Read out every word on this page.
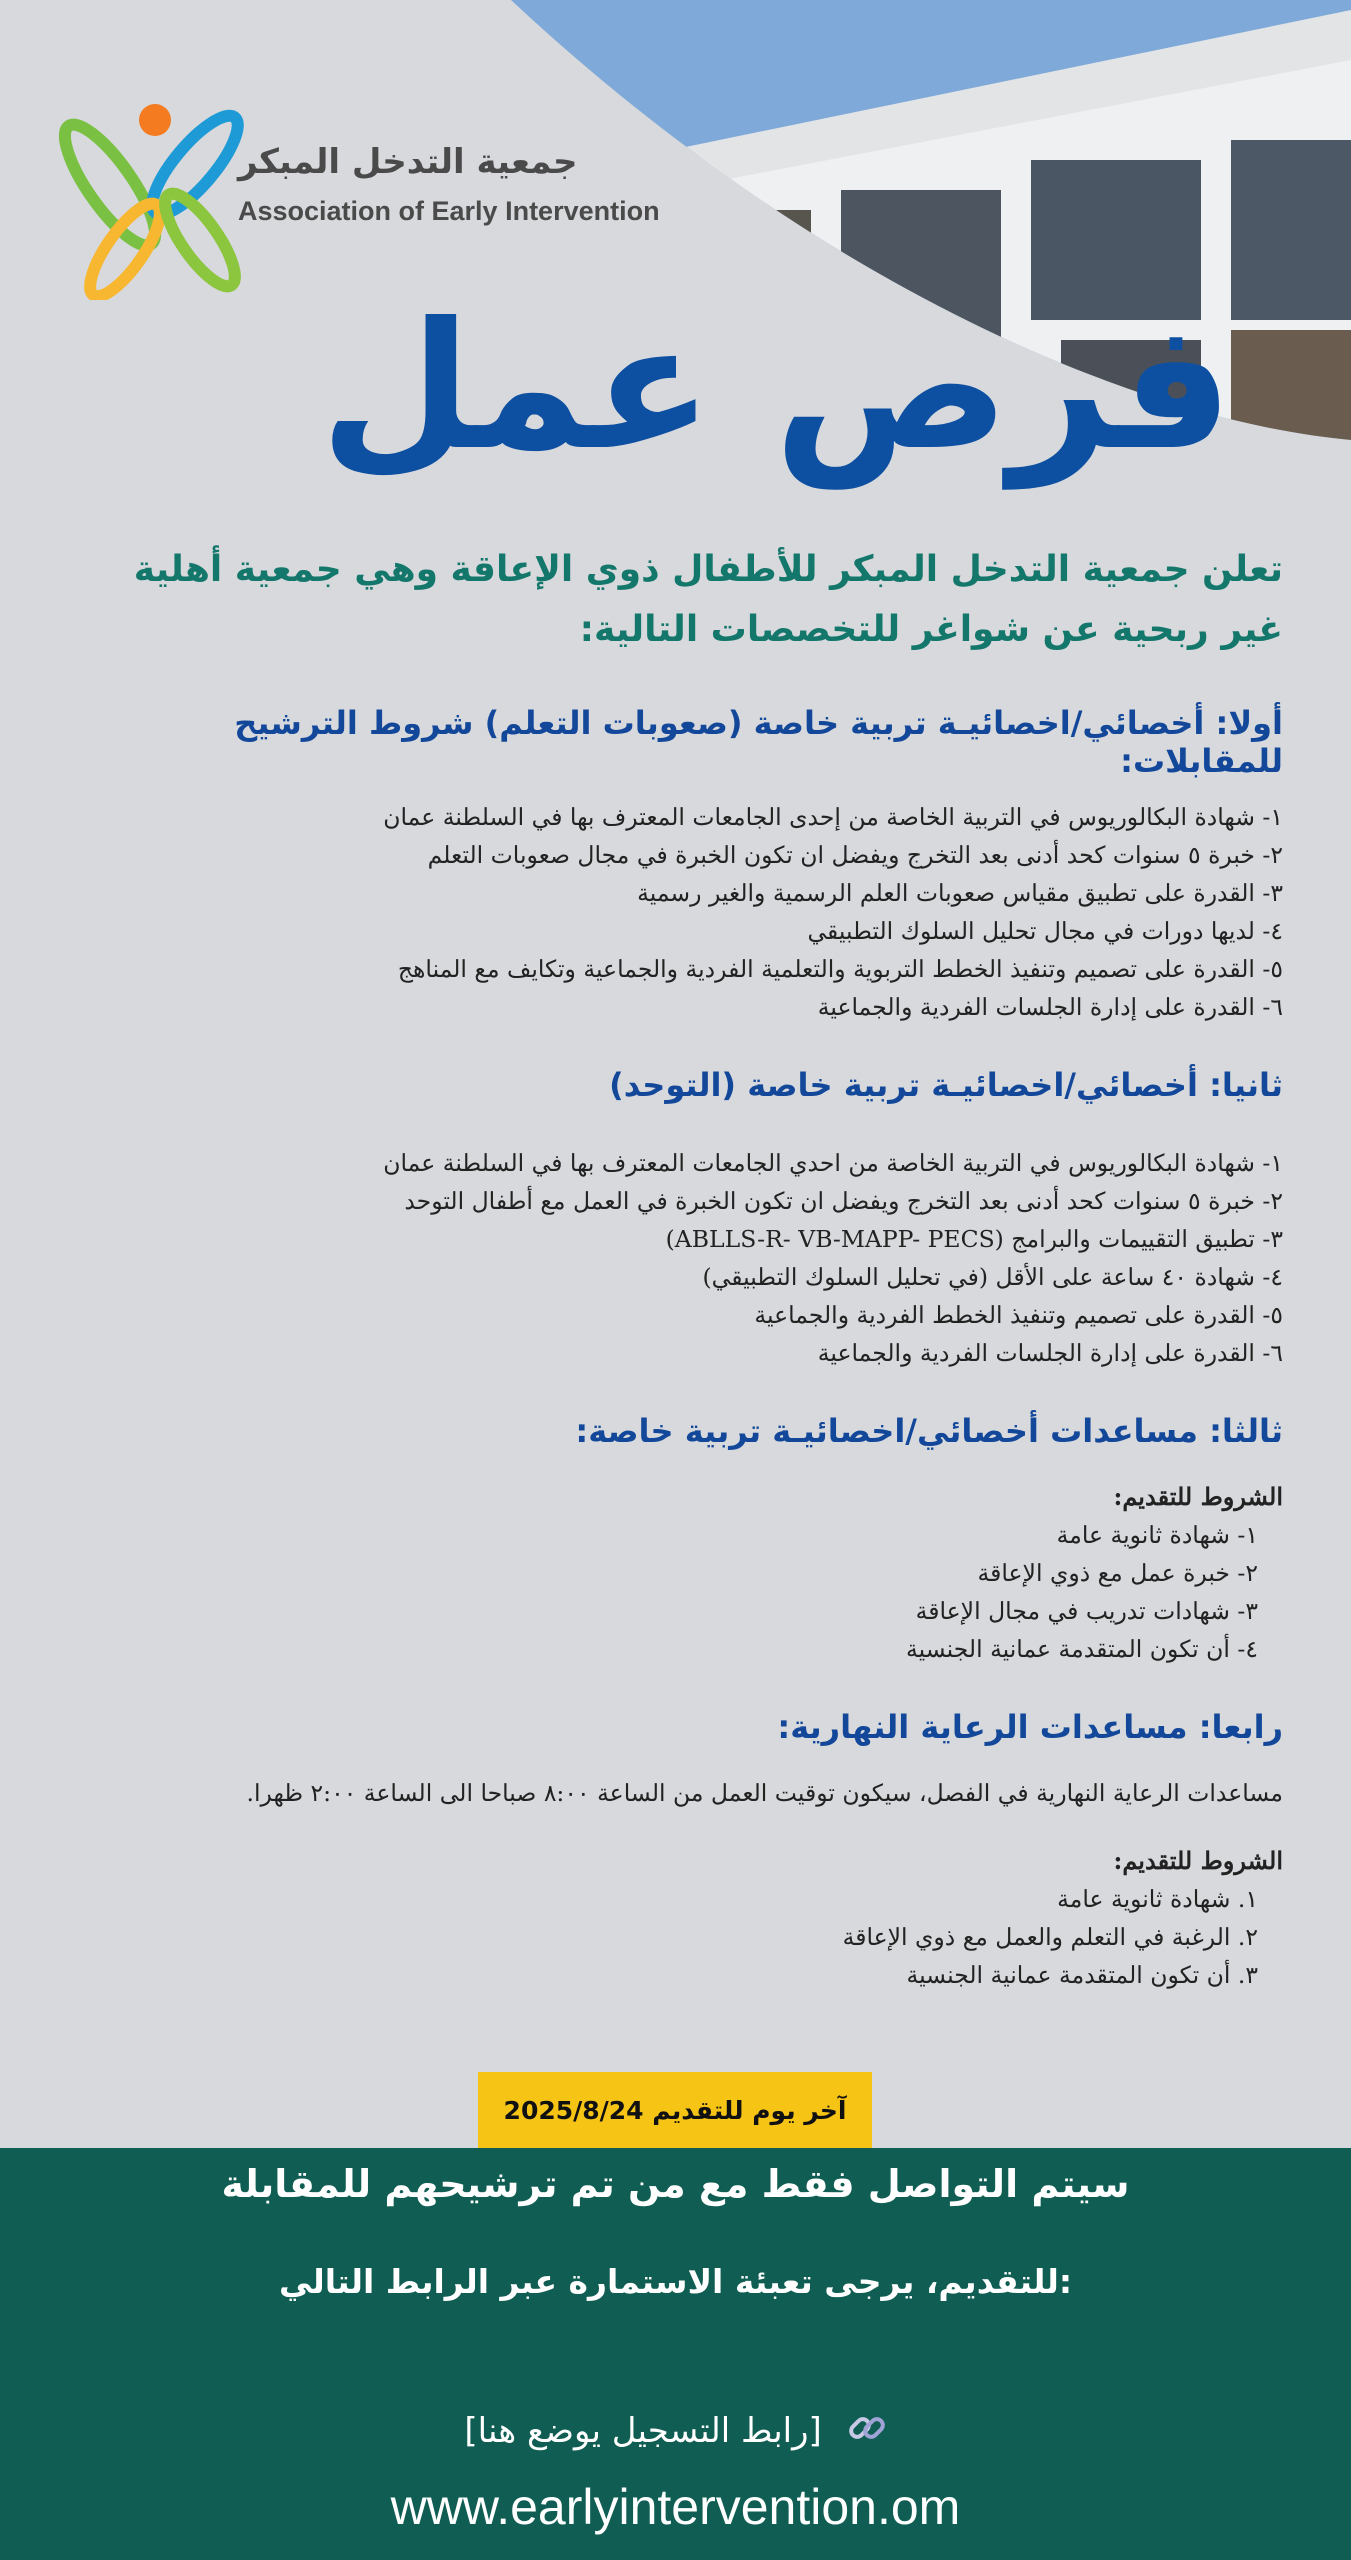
جمعية التدخل المبكر
Association of Early Intervention
فرص عمل

تعلن جمعية التدخل المبكر للأطفال ذوي الإعاقة وهي جمعية أهلية غير ربحية عن شواغر للتخصصات التالية:

أولا: أخصائي/اخصائيـة تربية خاصة (صعوبات التعلم) شروط الترشيح للمقابلات:

١- شهادة البكالوريوس في التربية الخاصة من إحدى الجامعات المعترف بها في السلطنة عمان
٢- خبرة ٥ سنوات كحد أدنى بعد التخرج ويفضل ان تكون الخبرة في مجال صعوبات التعلم
٣- القدرة على تطبيق مقياس صعوبات العلم الرسمية والغير رسمية
٤- لديها دورات في مجال تحليل السلوك التطبيقي
٥- القدرة على تصميم وتنفيذ الخطط التربوية والتعلمية الفردية والجماعية وتكايف مع المناهج
٦- القدرة على إدارة الجلسات الفردية والجماعية

ثانيا: أخصائي/اخصائيـة تربية خاصة (التوحد)

١- شهادة البكالوريوس في التربية الخاصة من احدي الجامعات المعترف بها في السلطنة عمان
٢- خبرة ٥ سنوات كحد أدنى بعد التخرج ويفضل ان تكون الخبرة في العمل مع أطفال التوحد
٣- تطبيق التقييمات والبرامج (ABLLS-R- VB-MAPP- PECS)
٤- شهادة ٤٠ ساعة على الأقل (في تحليل السلوك التطبيقي)
٥- القدرة على تصميم وتنفيذ الخطط الفردية والجماعية
٦- القدرة على إدارة الجلسات الفردية والجماعية

ثالثا: مساعدات أخصائي/اخصائيـة تربية خاصة:

الشروط للتقديم:

١- شهادة ثانوية عامة
٢- خبرة عمل مع ذوي الإعاقة
٣- شهادات تدريب في مجال الإعاقة
٤- أن تكون المتقدمة عمانية الجنسية

رابعا: مساعدات الرعاية النهارية:

مساعدات الرعاية النهارية في الفصل، سيكون توقيت العمل من الساعة ٨:٠٠ صباحا الى الساعة ٢:٠٠ ظهرا.

الشروط للتقديم:

١. شهادة ثانوية عامة
٢. الرغبة في التعلم والعمل مع ذوي الإعاقة
٣. أن تكون المتقدمة عمانية الجنسية
آخر يوم للتقديم 2025/8/24
سيتم التواصل فقط مع من تم ترشيحهم للمقابلة
للتقديم، يرجى تعبئة الاستمارة عبر الرابط التالي:
[رابط التسجيل يوضع هنا]
www.earlyintervention.om
